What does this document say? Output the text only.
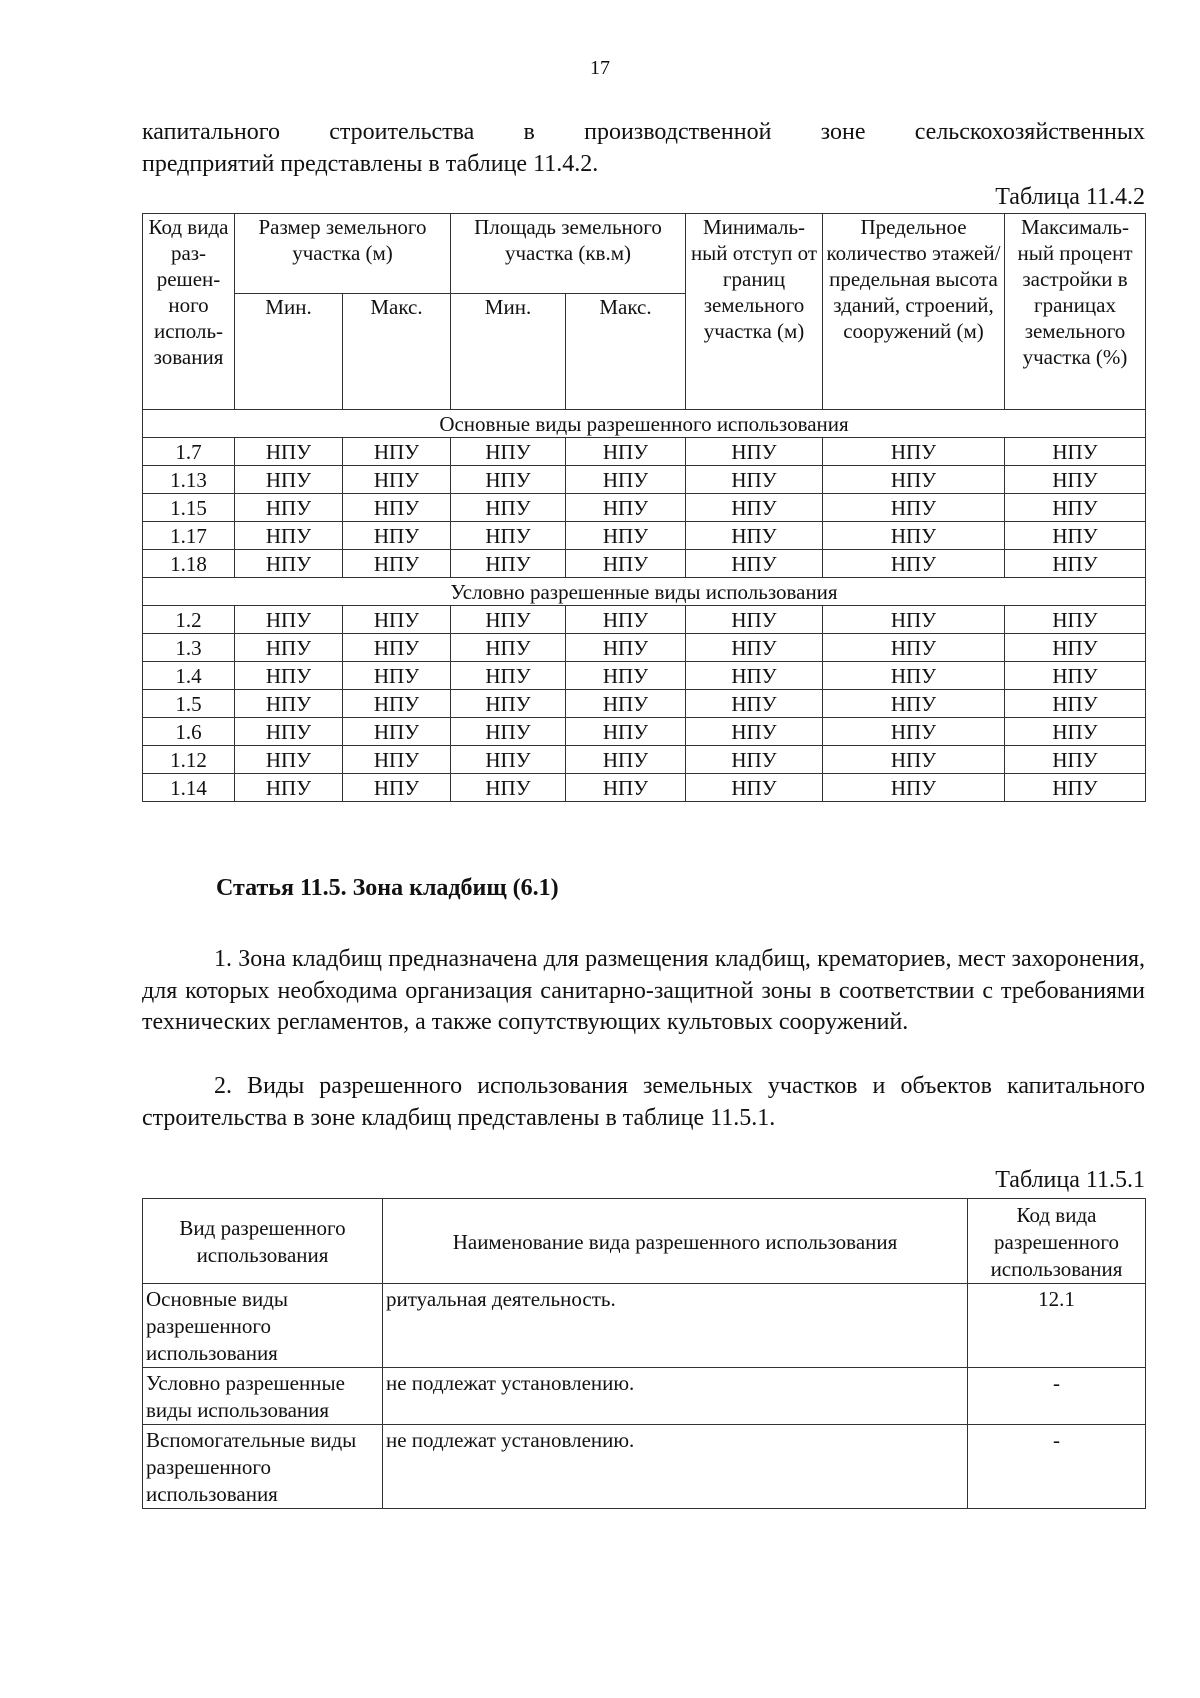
17

капитального строительства в производственной зоне сельскохозяйственных

предприятий представлены в таблице 11.4.2.

Таблица 11.4.2
Код вида раз- решен- ного исполь- зования	Размер земельного участка (м)		Площадь земельного участка (кв.м)		Минималь- ный отступ от границ земельного участка (м)	Предельное количество этажей/ предельная высота зданий, строений, сооружений (м)	Максималь- ный процент застройки в границах земельного участка (%)
	Мин.	Макс.	Мин.	Макс.			
Основные виды разрешенного использования							
1.7	НПУ	НПУ	НПУ	НПУ	НПУ	НПУ	НПУ
1.13	НПУ	НПУ	НПУ	НПУ	НПУ	НПУ	НПУ
1.15	НПУ	НПУ	НПУ	НПУ	НПУ	НПУ	НПУ
1.17	НПУ	НПУ	НПУ	НПУ	НПУ	НПУ	НПУ
1.18	НПУ	НПУ	НПУ	НПУ	НПУ	НПУ	НПУ
Условно разрешенные виды использования							
1.2	НПУ	НПУ	НПУ	НПУ	НПУ	НПУ	НПУ
1.3	НПУ	НПУ	НПУ	НПУ	НПУ	НПУ	НПУ
1.4	НПУ	НПУ	НПУ	НПУ	НПУ	НПУ	НПУ
1.5	НПУ	НПУ	НПУ	НПУ	НПУ	НПУ	НПУ
1.6	НПУ	НПУ	НПУ	НПУ	НПУ	НПУ	НПУ
1.12	НПУ	НПУ	НПУ	НПУ	НПУ	НПУ	НПУ
1.14	НПУ	НПУ	НПУ	НПУ	НПУ	НПУ	НПУ

Статья 11.5. Зона кладбищ (6.1)

1. Зона кладбищ предназначена для размещения кладбищ, крематориев, мест захоронения, для которых необходима организация санитарно-защитной зоны в соответствии с требованиями технических регламентов, а также сопутствующих культовых сооружений.

2. Виды разрешенного использования земельных участков и объектов капитального строительства в зоне кладбищ представлены в таблице 11.5.1.

Таблица 11.5.1
Вид разрешенного использования	Наименование вида разрешенного использования	Код вида разрешенного использования
Основные виды разрешенного использования	ритуальная деятельность.	12.1
Условно разрешенные виды использования	не подлежат установлению.	-
Вспомогательные виды разрешенного использования	не подлежат установлению.	-
